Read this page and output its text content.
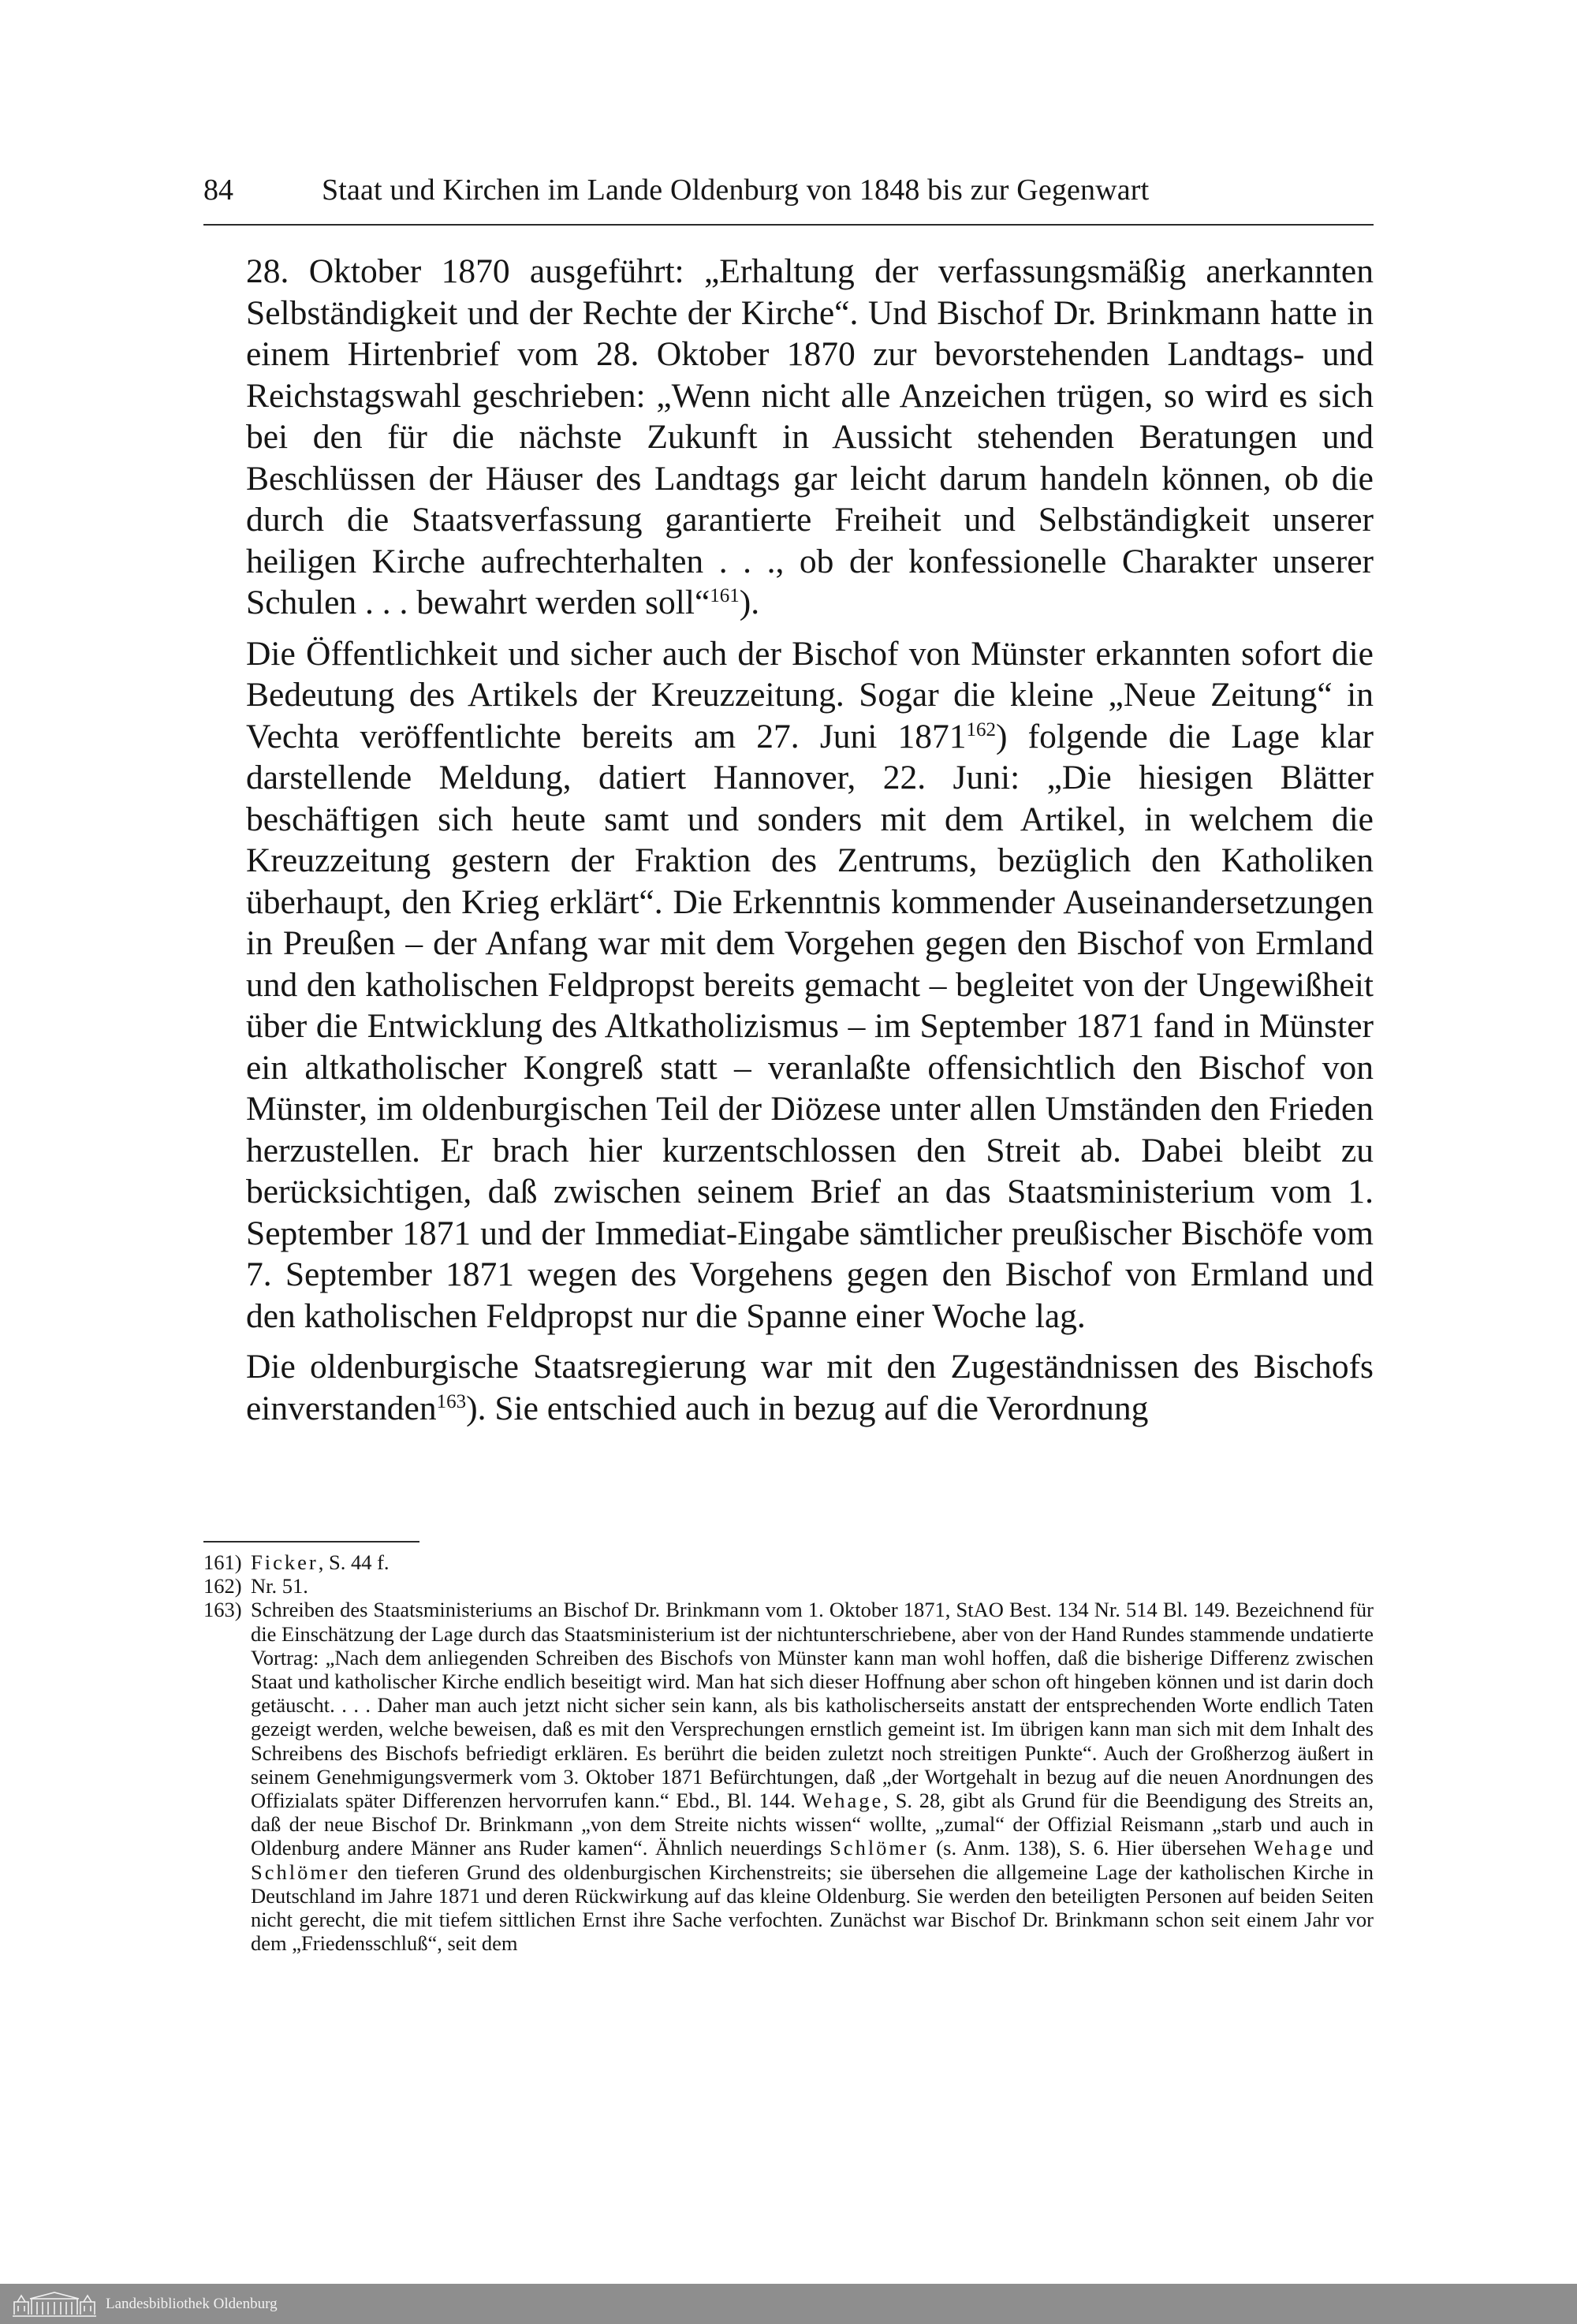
84	Staat und Kirchen im Lande Oldenburg von 1848 bis zur Gegenwart

28. Oktober 1870 ausgeführt: „Erhaltung der verfassungsmäßig anerkannten Selbständigkeit und der Rechte der Kirche“. Und Bischof Dr. Brinkmann hatte in einem Hirtenbrief vom 28. Oktober 1870 zur bevorstehenden Landtags- und Reichstagswahl geschrieben: „Wenn nicht alle Anzeichen trügen, so wird es sich bei den für die nächste Zukunft in Aussicht stehenden Beratungen und Beschlüssen der Häuser des Landtags gar leicht darum handeln können, ob die durch die Staatsverfassung garantierte Freiheit und Selbständigkeit unserer heiligen Kirche aufrechterhalten . . ., ob der konfessionelle Charakter unserer Schulen . . . bewahrt werden soll“$^{161}$).

Die Öffentlichkeit und sicher auch der Bischof von Münster erkannten sofort die Bedeutung des Artikels der Kreuzzeitung. Sogar die kleine „Neue Zeitung“ in Vechta veröffentlichte bereits am 27. Juni 1871$^{162}$) folgende die Lage klar darstellende Meldung, datiert Hannover, 22. Juni: „Die hiesigen Blätter beschäftigen sich heute samt und sonders mit dem Artikel, in welchem die Kreuzzeitung gestern der Fraktion des Zentrums, bezüglich den Katholiken überhaupt, den Krieg erklärt“. Die Erkenntnis kommender Auseinandersetzungen in Preußen – der Anfang war mit dem Vorgehen gegen den Bischof von Ermland und den katholischen Feldpropst bereits gemacht – begleitet von der Ungewißheit über die Entwicklung des Altkatholizismus – im September 1871 fand in Münster ein altkatholischer Kongreß statt – veranlaßte offensichtlich den Bischof von Münster, im oldenburgischen Teil der Diözese unter allen Umständen den Frieden herzustellen. Er brach hier kurzentschlossen den Streit ab. Dabei bleibt zu berücksichtigen, daß zwischen seinem Brief an das Staatsministerium vom 1. September 1871 und der Immediat-Eingabe sämtlicher preußischer Bischöfe vom 7. September 1871 wegen des Vorgehens gegen den Bischof von Ermland und den katholischen Feldpropst nur die Spanne einer Woche lag.

Die oldenburgische Staatsregierung war mit den Zugeständnissen des Bischofs einverstanden$^{163}$). Sie entschied auch in bezug auf die Verordnung

161) Ficker, S. 44 f.
162) Nr. 51.
163) Schreiben des Staatsministeriums an Bischof Dr. Brinkmann vom 1. Oktober 1871, StAO Best. 134 Nr. 514 Bl. 149. Bezeichnend für die Einschätzung der Lage durch das Staatsministerium ist der nichtunterschriebene, aber von der Hand Rundes stammende undatierte Vortrag: „Nach dem anliegenden Schreiben des Bischofs von Münster kann man wohl hoffen, daß die bisherige Differenz zwischen Staat und katholischer Kirche endlich beseitigt wird. Man hat sich dieser Hoffnung aber schon oft hingeben können und ist darin doch getäuscht. . . . Daher man auch jetzt nicht sicher sein kann, als bis katholischerseits anstatt der entsprechenden Worte endlich Taten gezeigt werden, welche beweisen, daß es mit den Versprechungen ernstlich gemeint ist. Im übrigen kann man sich mit dem Inhalt des Schreibens des Bischofs befriedigt erklären. Es berührt die beiden zuletzt noch streitigen Punkte“. Auch der Großherzog äußert in seinem Genehmigungsvermerk vom 3. Oktober 1871 Befürchtungen, daß „der Wortgehalt in bezug auf die neuen Anordnungen des Offizialats später Differenzen hervorrufen kann.“ Ebd., Bl. 144. Wehage, S. 28, gibt als Grund für die Beendigung des Streits an, daß der neue Bischof Dr. Brinkmann „von dem Streite nichts wissen“ wollte, „zumal“ der Offizial Reismann „starb und auch in Oldenburg andere Männer ans Ruder kamen“. Ähnlich neuerdings Schlömer (s. Anm. 138), S. 6. Hier übersehen Wehage und Schlömer den tieferen Grund des oldenburgischen Kirchenstreits; sie übersehen die allgemeine Lage der katholischen Kirche in Deutschland im Jahre 1871 und deren Rückwirkung auf das kleine Oldenburg. Sie werden den beteiligten Personen auf beiden Seiten nicht gerecht, die mit tiefem sittlichen Ernst ihre Sache verfochten. Zunächst war Bischof Dr. Brinkmann schon seit einem Jahr vor dem „Friedensschluß“, seit dem
Landesbibliothek Oldenburg
